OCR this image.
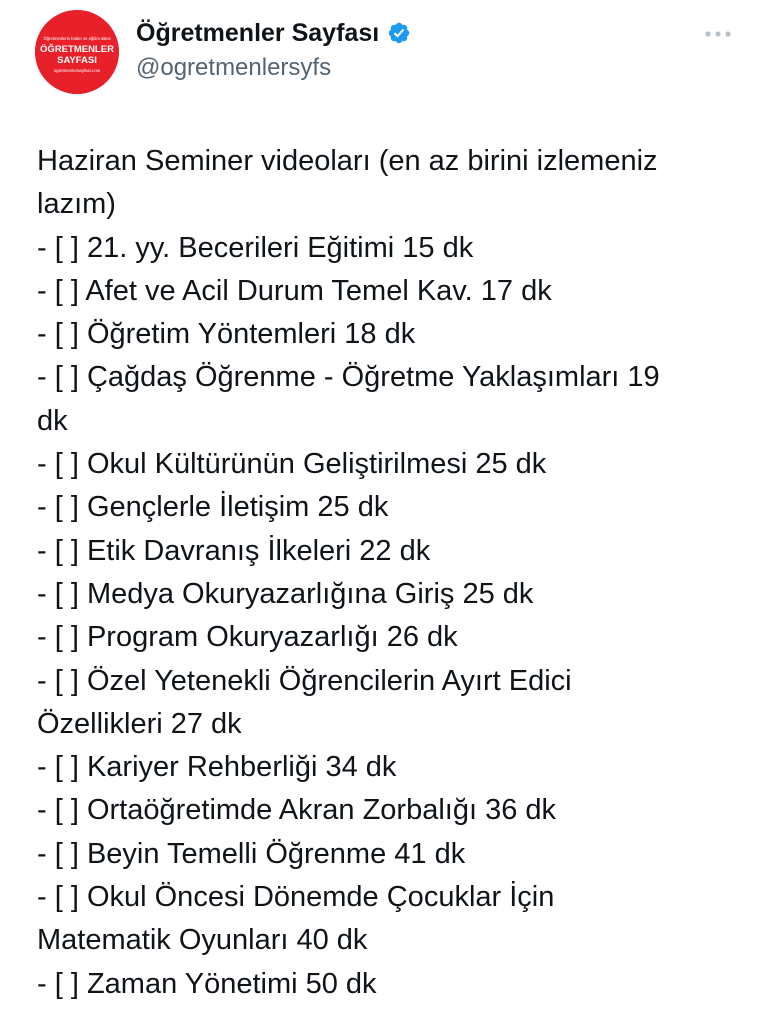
Öğretmenlerin haber ve eğitim sitesi
ÖĞRETMENLER
SAYFASI
ogretmenlersayfasi.com
Öğretmenler Sayfası
@ogretmenlersyfs
Haziran Seminer videoları (en az birini izlemeniz
lazım)
- [ ] 21. yy. Becerileri Eğitimi 15 dk
- [ ] Afet ve Acil Durum Temel Kav. 17 dk
- [ ] Öğretim Yöntemleri 18 dk
- [ ] Çağdaş Öğrenme - Öğretme Yaklaşımları 19
dk
- [ ] Okul Kültürünün Geliştirilmesi 25 dk
- [ ] Gençlerle İletişim 25 dk
- [ ] Etik Davranış İlkeleri 22 dk
- [ ] Medya Okuryazarlığına Giriş 25 dk
- [ ] Program Okuryazarlığı 26 dk
- [ ] Özel Yetenekli Öğrencilerin Ayırt Edici
Özellikleri 27 dk
- [ ] Kariyer Rehberliği 34 dk
- [ ] Ortaöğretimde Akran Zorbalığı 36 dk
- [ ] Beyin Temelli Öğrenme 41 dk
- [ ] Okul Öncesi Dönemde Çocuklar İçin
Matematik Oyunları 40 dk
- [ ] Zaman Yönetimi 50 dk
